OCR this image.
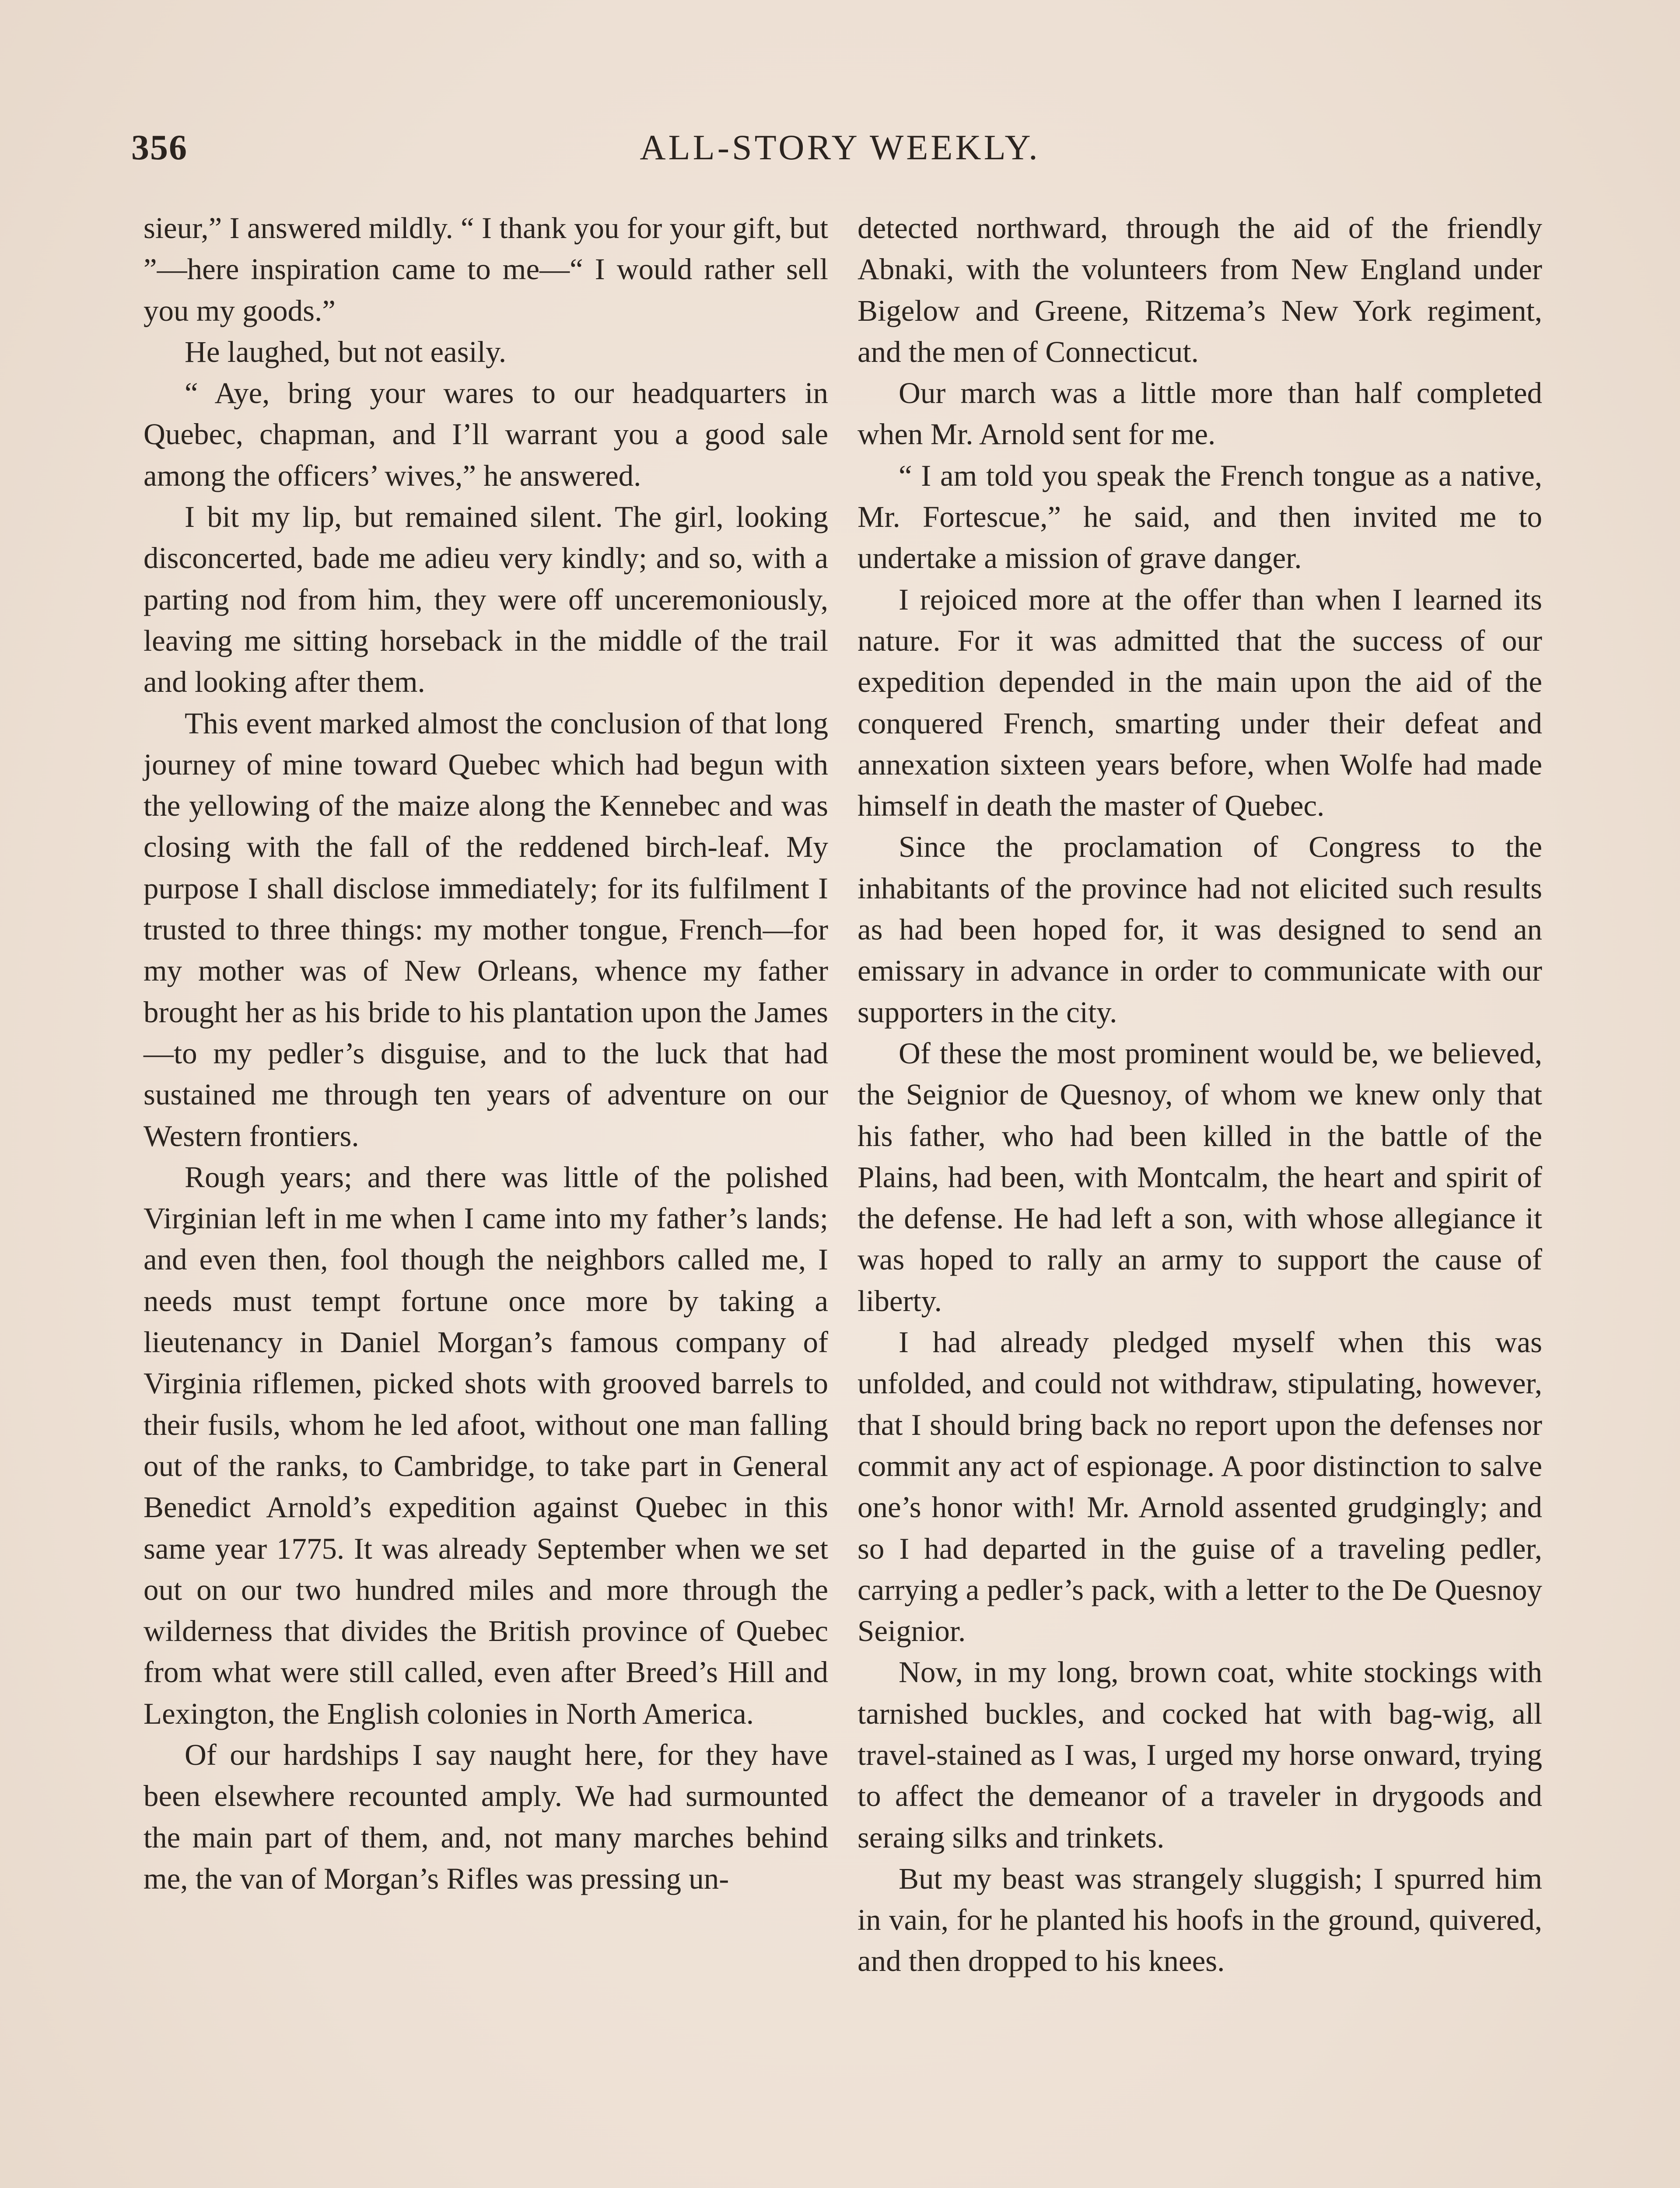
356	ALL-STORY WEEKLY.

sieur,” I answered mildly. “ I thank you for your gift, but ”—here inspiration came to me—“ I would rather sell you my goods.”

He laughed, but not easily.

“ Aye, bring your wares to our headquarters in Quebec, chapman, and I’ll warrant you a good sale among the officers’ wives,” he answered.

I bit my lip, but remained silent. The girl, looking disconcerted, bade me adieu very kindly; and so, with a parting nod from him, they were off unceremoniously, leaving me sitting horseback in the middle of the trail and looking after them.

This event marked almost the conclusion of that long journey of mine toward Quebec which had begun with the yellowing of the maize along the Kennebec and was closing with the fall of the reddened birch-leaf. My purpose I shall disclose immediately; for its fulfilment I trusted to three things: my mother tongue, French—for my mother was of New Orleans, whence my father brought her as his bride to his plantation upon the James—to my pedler’s disguise, and to the luck that had sustained me through ten years of adventure on our Western frontiers.

Rough years; and there was little of the polished Virginian left in me when I came into my father’s lands; and even then, fool though the neighbors called me, I needs must tempt fortune once more by taking a lieutenancy in Daniel Morgan’s famous company of Virginia riflemen, picked shots with grooved barrels to their fusils, whom he led afoot, without one man falling out of the ranks, to Cambridge, to take part in General Benedict Arnold’s expedition against Quebec in this same year 1775. It was already September when we set out on our two hundred miles and more through the wilderness that divides the British province of Quebec from what were still called, even after Breed’s Hill and Lexington, the English colonies in North America.

Of our hardships I say naught here, for they have been elsewhere recounted amply. We had surmounted the main part of them, and, not many marches behind me, the van of Morgan’s Rifles was pressing un-

detected northward, through the aid of the friendly Abnaki, with the volunteers from New England under Bigelow and Greene, Ritzema’s New York regiment, and the men of Connecticut.

Our march was a little more than half completed when Mr. Arnold sent for me.

“ I am told you speak the French tongue as a native, Mr. Fortescue,” he said, and then invited me to undertake a mission of grave danger.

I rejoiced more at the offer than when I learned its nature. For it was admitted that the success of our expedition depended in the main upon the aid of the conquered French, smarting under their defeat and annexation sixteen years before, when Wolfe had made himself in death the master of Quebec.

Since the proclamation of Congress to the inhabitants of the province had not elicited such results as had been hoped for, it was designed to send an emissary in advance in order to communicate with our supporters in the city.

Of these the most prominent would be, we believed, the Seignior de Quesnoy, of whom we knew only that his father, who had been killed in the battle of the Plains, had been, with Montcalm, the heart and spirit of the defense. He had left a son, with whose allegiance it was hoped to rally an army to support the cause of liberty.

I had already pledged myself when this was unfolded, and could not withdraw, stipulating, however, that I should bring back no report upon the defenses nor commit any act of espionage. A poor distinction to salve one’s honor with! Mr. Arnold assented grudgingly; and so I had departed in the guise of a traveling pedler, carrying a pedler’s pack, with a letter to the De Quesnoy Seignior.

Now, in my long, brown coat, white stockings with tarnished buckles, and cocked hat with bag-wig, all travel-stained as I was, I urged my horse onward, trying to affect the demeanor of a traveler in drygoods and seraing silks and trinkets.

But my beast was strangely sluggish; I spurred him in vain, for he planted his hoofs in the ground, quivered, and then dropped to his knees.
